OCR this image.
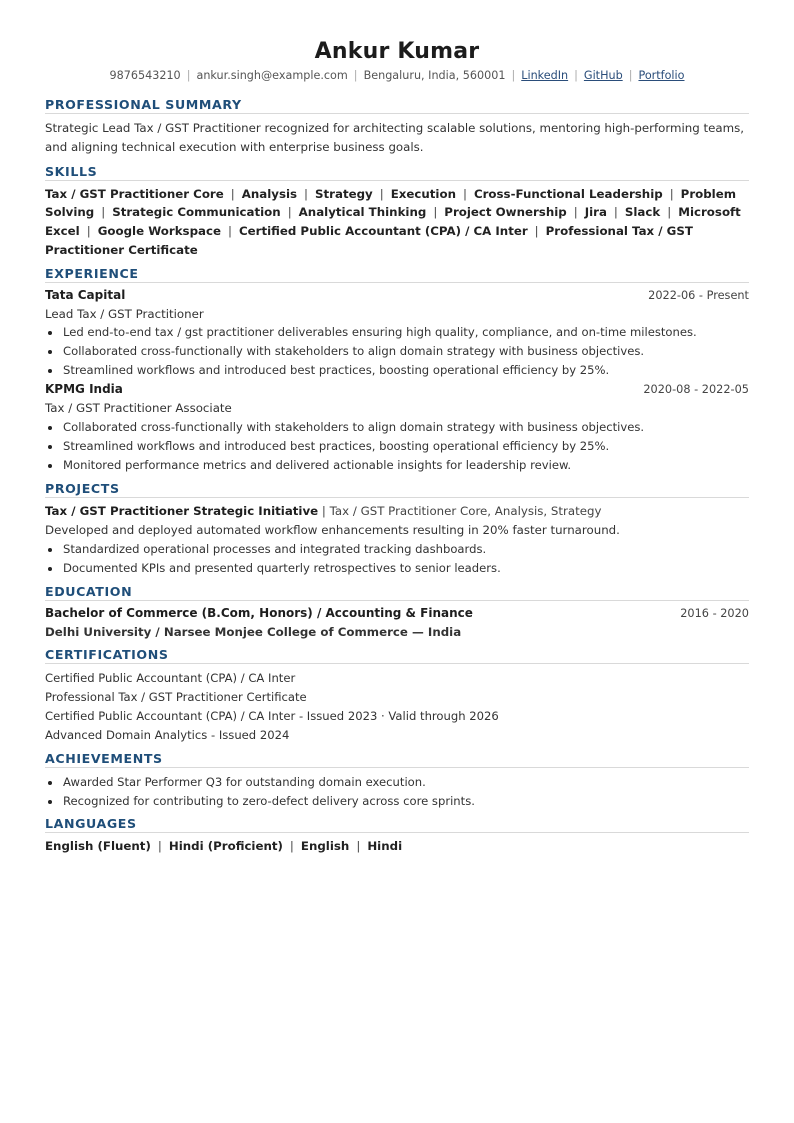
Ankur Kumar
9876543210 | ankur.singh@example.com | Bengaluru, India, 560001 | LinkedIn | GitHub | Portfolio
PROFESSIONAL SUMMARY
Strategic Lead Tax / GST Practitioner recognized for architecting scalable solutions, mentoring high-performing teams, and aligning technical execution with enterprise business goals.
SKILLS
Tax / GST Practitioner Core | Analysis | Strategy | Execution | Cross-Functional Leadership | Problem Solving | Strategic Communication | Analytical Thinking | Project Ownership | Jira | Slack | Microsoft Excel | Google Workspace | Certified Public Accountant (CPA) / CA Inter | Professional Tax / GST Practitioner Certificate
EXPERIENCE
Tata Capital	2022-06 - Present
Lead Tax / GST Practitioner
Led end-to-end tax / gst practitioner deliverables ensuring high quality, compliance, and on-time milestones.
Collaborated cross-functionally with stakeholders to align domain strategy with business objectives.
Streamlined workflows and introduced best practices, boosting operational efficiency by 25%.
KPMG India	2020-08 - 2022-05
Tax / GST Practitioner Associate
Collaborated cross-functionally with stakeholders to align domain strategy with business objectives.
Streamlined workflows and introduced best practices, boosting operational efficiency by 25%.
Monitored performance metrics and delivered actionable insights for leadership review.
PROJECTS
Tax / GST Practitioner Strategic Initiative | Tax / GST Practitioner Core, Analysis, Strategy
Developed and deployed automated workflow enhancements resulting in 20% faster turnaround.
Standardized operational processes and integrated tracking dashboards.
Documented KPIs and presented quarterly retrospectives to senior leaders.
EDUCATION
Bachelor of Commerce (B.Com, Honors) / Accounting & Finance	2016 - 2020
Delhi University / Narsee Monjee College of Commerce — India
CERTIFICATIONS
Certified Public Accountant (CPA) / CA Inter
Professional Tax / GST Practitioner Certificate
Certified Public Accountant (CPA) / CA Inter - Issued 2023 · Valid through 2026
Advanced Domain Analytics - Issued 2024
ACHIEVEMENTS
Awarded Star Performer Q3 for outstanding domain execution.
Recognized for contributing to zero-defect delivery across core sprints.
LANGUAGES
English (Fluent) | Hindi (Proficient) | English | Hindi
